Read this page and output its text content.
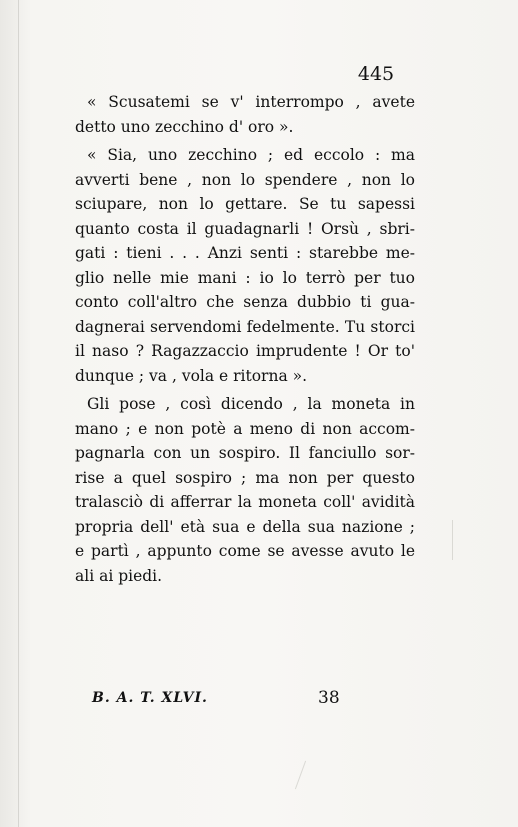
445
« Scusatemi se v' interrompo , avete
detto uno zecchino d' oro ».
« Sia, uno zecchino ; ed eccolo : ma
avverti bene , non lo spendere , non lo
sciupare, non lo gettare. Se tu sapessi
quanto costa il guadagnarli ! Orsù , sbri-
gati : tieni . . . Anzi senti : starebbe me-
glio nelle mie mani : io lo terrò per tuo
conto coll'altro che senza dubbio ti gua-
dagnerai servendomi fedelmente. Tu storci
il naso ? Ragazzaccio imprudente ! Or to'
dunque ; va , vola e ritorna ».
Gli pose , così dicendo , la moneta in
mano ; e non potè a meno di non accom-
pagnarla con un sospiro. Il fanciullo sor-
rise a quel sospiro ; ma non per questo
tralasciò di afferrar la moneta coll' avidità
propria dell' età sua e della sua nazione ;
e partì , appunto come se avesse avuto le
ali ai piedi.
B. A. T. XLVI.	38
